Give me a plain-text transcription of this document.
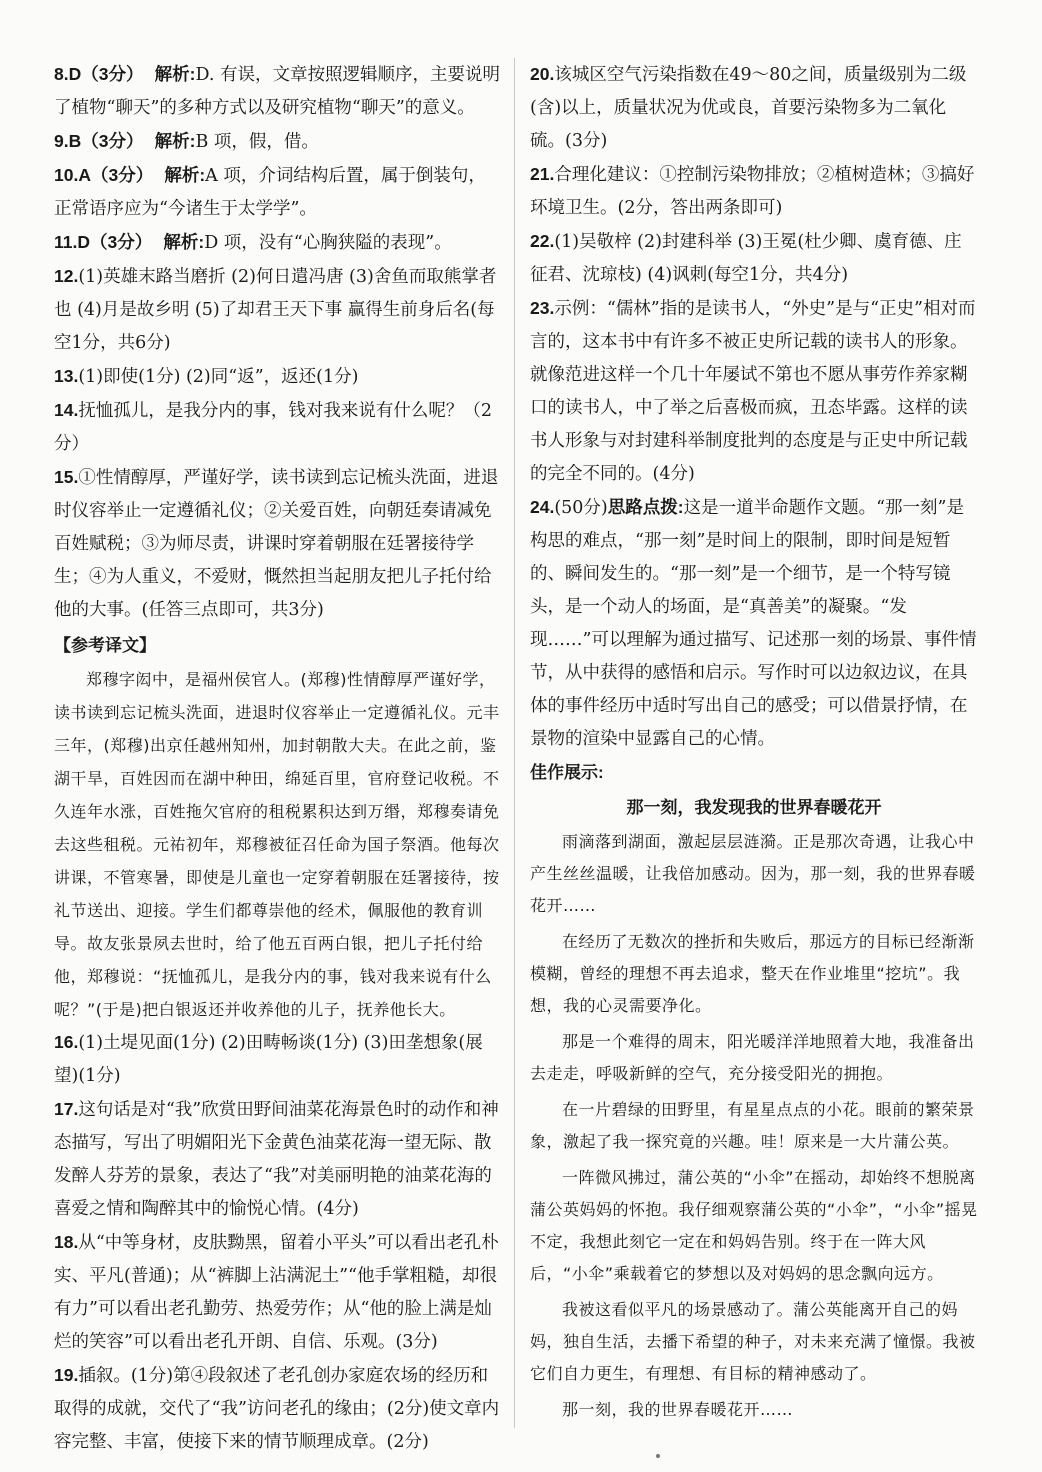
8.D（3分） 解析:D. 有误，文章按照逻辑顺序，主要说明了植物“聊天”的多种方式以及研究植物“聊天”的意义。
9.B（3分） 解析:B 项，假，借。
10.A（3分） 解析:A 项，介词结构后置，属于倒装句，正常语序应为“今诸生于太学学”。
11.D（3分） 解析:D 项，没有“心胸狭隘的表现”。
12.(1)英雄末路当磨折 (2)何日遣冯唐 (3)舍鱼而取熊掌者也 (4)月是故乡明 (5)了却君王天下事 赢得生前身后名(每空1分，共6分)
13.(1)即使(1分) (2)同“返”，返还(1分)
14.抚恤孤儿，是我分内的事，钱对我来说有什么呢？（2分）
15.①性情醇厚，严谨好学，读书读到忘记梳头洗面，进退时仪容举止一定遵循礼仪；②关爱百姓，向朝廷奏请减免百姓赋税；③为师尽责，讲课时穿着朝服在廷署接待学生；④为人重义，不爱财，慨然担当起朋友把儿子托付给他的大事。(任答三点即可，共3分)
【参考译文】

郑穆字闳中，是福州侯官人。(郑穆)性情醇厚严谨好学，读书读到忘记梳头洗面，进退时仪容举止一定遵循礼仪。元丰三年，(郑穆)出京任越州知州，加封朝散大夫。在此之前，鉴湖干旱，百姓因而在湖中种田，绵延百里，官府登记收税。不久连年水涨，百姓拖欠官府的租税累积达到万缗，郑穆奏请免去这些租税。元祐初年，郑穆被征召任命为国子祭酒。他每次讲课，不管寒暑，即使是儿童也一定穿着朝服在廷署接待，按礼节送出、迎接。学生们都尊崇他的经术，佩服他的教育训导。故友张景夙去世时，给了他五百两白银，把儿子托付给他，郑穆说：“抚恤孤儿，是我分内的事，钱对我来说有什么呢？”(于是)把白银返还并收养他的儿子，抚养他长大。

16.(1)土堤见面(1分) (2)田畴畅谈(1分) (3)田垄想象(展望)(1分)
17.这句话是对“我”欣赏田野间油菜花海景色时的动作和神态描写，写出了明媚阳光下金黄色油菜花海一望无际、散发醉人芬芳的景象，表达了“我”对美丽明艳的油菜花海的喜爱之情和陶醉其中的愉悦心情。(4分)
18.从“中等身材，皮肤黝黑，留着小平头”可以看出老孔朴实、平凡(普通)；从“裤脚上沾满泥土”“他手掌粗糙，却很有力”可以看出老孔勤劳、热爱劳作；从“他的脸上满是灿烂的笑容”可以看出老孔开朗、自信、乐观。(3分)
19.插叙。(1分)第④段叙述了老孔创办家庭农场的经历和取得的成就，交代了“我”访问老孔的缘由；(2分)使文章内容完整、丰富，使接下来的情节顺理成章。(2分)
20.该城区空气污染指数在49～80之间，质量级别为二级(含)以上，质量状况为优或良，首要污染物多为二氧化硫。(3分)
21.合理化建议：①控制污染物排放；②植树造林；③搞好环境卫生。(2分，答出两条即可)
22.(1)吴敬梓 (2)封建科举 (3)王冕(杜少卿、虞育德、庄征君、沈琼枝) (4)讽刺(每空1分，共4分)
23.示例：“儒林”指的是读书人，“外史”是与“正史”相对而言的，这本书中有许多不被正史所记载的读书人的形象。就像范进这样一个几十年屡试不第也不愿从事劳作养家糊口的读书人，中了举之后喜极而疯，丑态毕露。这样的读书人形象与对封建科举制度批判的态度是与正史中所记载的完全不同的。(4分)
24.(50分)思路点拨:这是一道半命题作文题。“那一刻”是构思的难点，“那一刻”是时间上的限制，即时间是短暂的、瞬间发生的。“那一刻”是一个细节，是一个特写镜头，是一个动人的场面，是“真善美”的凝聚。“发现……”可以理解为通过描写、记述那一刻的场景、事件情节，从中获得的感悟和启示。写作时可以边叙边议，在具体的事件经历中适时写出自己的感受；可以借景抒情，在景物的渲染中显露自己的心情。
佳作展示:
那一刻，我发现我的世界春暖花开

雨滴落到湖面，激起层层涟漪。正是那次奇遇，让我心中产生丝丝温暖，让我倍加感动。因为，那一刻，我的世界春暖花开……

在经历了无数次的挫折和失败后，那远方的目标已经渐渐模糊，曾经的理想不再去追求，整天在作业堆里“挖坑”。我想，我的心灵需要净化。

那是一个难得的周末，阳光暖洋洋地照着大地，我准备出去走走，呼吸新鲜的空气，充分接受阳光的拥抱。

在一片碧绿的田野里，有星星点点的小花。眼前的繁荣景象，激起了我一探究竟的兴趣。哇！原来是一大片蒲公英。

一阵微风拂过，蒲公英的“小伞”在摇动，却始终不想脱离蒲公英妈妈的怀抱。我仔细观察蒲公英的“小伞”，“小伞”摇晃不定，我想此刻它一定在和妈妈告别。终于在一阵大风后，“小伞”乘载着它的梦想以及对妈妈的思念飘向远方。

我被这看似平凡的场景感动了。蒲公英能离开自己的妈妈，独自生活，去播下希望的种子，对未来充满了憧憬。我被它们自力更生，有理想、有目标的精神感动了。

那一刻，我的世界春暖花开……
